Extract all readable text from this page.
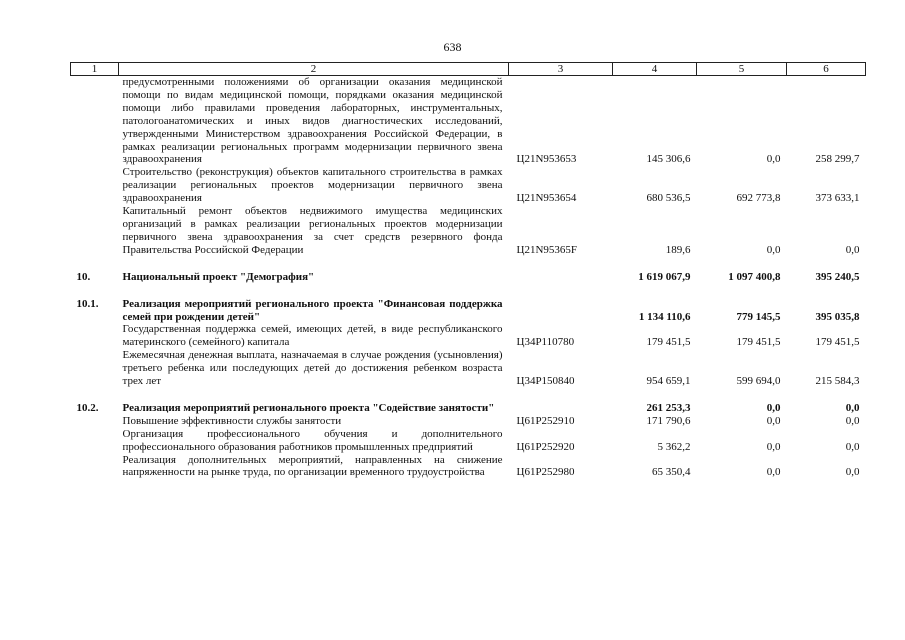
638
1	2	3	4	5	6
	предусмотренными положениями об организации оказания медицинской помощи по видам медицинской помощи, порядками оказания медицинской помощи либо правилами проведения лабораторных, инструментальных, патологоанатомических и иных видов диагностических исследований, утвержденными Министерством здравоохранения Российской Федерации, в рамках реализации региональных программ модернизации первичного звена здравоохранения	Ц21N953653	145 306,6	0,0	258 299,7
	Строительство (реконструкция) объектов капитального строительства в рамках реализации региональных проектов модернизации первичного звена здравоохранения	Ц21N953654	680 536,5	692 773,8	373 633,1
	Капитальный ремонт объектов недвижимого имущества медицинских организаций в рамках реализации региональных проектов модернизации первичного звена здравоохранения за счет средств резервного фонда Правительства Российской Федерации	Ц21N95365F	189,6	0,0	0,0

10.	Национальный проект "Демография"		1 619 067,9	1 097 400,8	395 240,5

10.1.	Реализация мероприятий регионального проекта "Финансовая поддержка семей при рождении детей"		1 134 110,6	779 145,5	395 035,8
	Государственная поддержка семей, имеющих детей, в виде республиканского материнского (семейного) капитала	Ц34P110780	179 451,5	179 451,5	179 451,5
	Ежемесячная денежная выплата, назначаемая в случае рождения (усыновления) третьего ребенка или последующих детей до достижения ребенком возраста трех лет	Ц34P150840	954 659,1	599 694,0	215 584,3

10.2.	Реализация мероприятий регионального проекта "Содействие занятости"		261 253,3	0,0	0,0
	Повышение эффективности службы занятости	Ц61P252910	171 790,6	0,0	0,0
	Организация профессионального обучения и дополнительного профессионального образования работников промышленных предприятий	Ц61P252920	5 362,2	0,0	0,0
	Реализация дополнительных мероприятий, направленных на снижение напряженности на рынке труда, по организации временного трудоустройства	Ц61P252980	65 350,4	0,0	0,0
